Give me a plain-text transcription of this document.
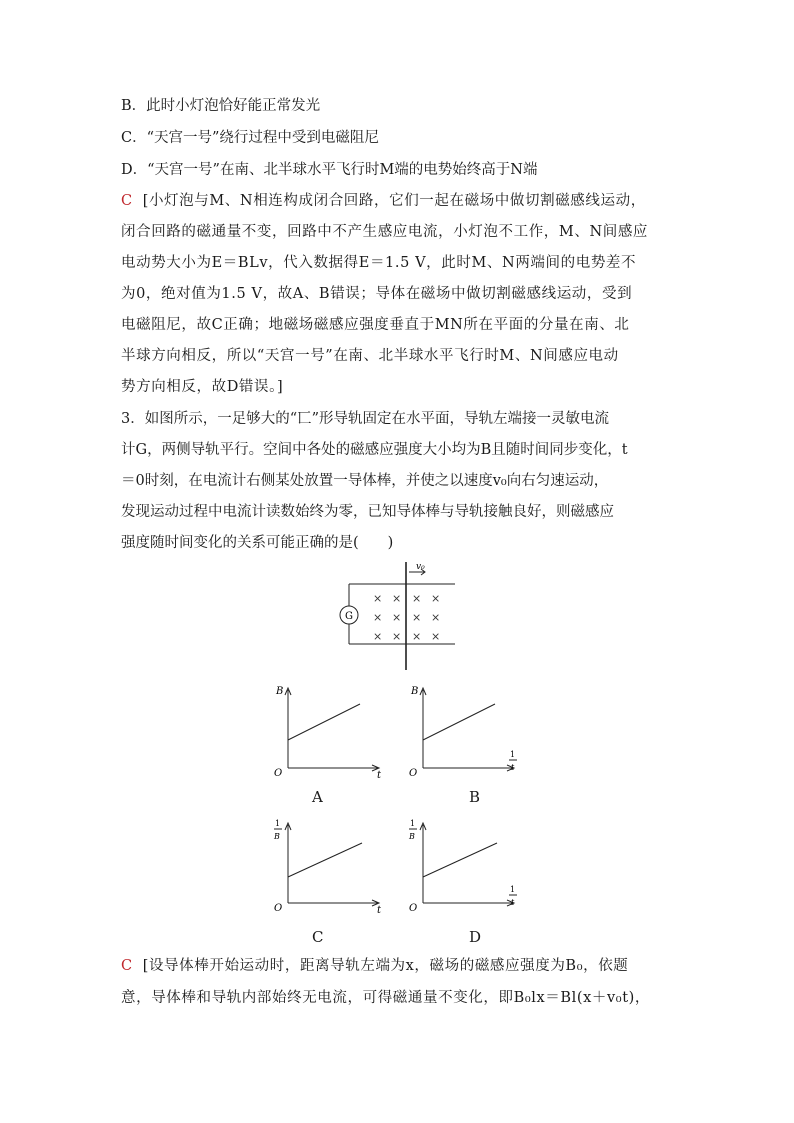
B．此时小灯泡恰好能正常发光
C．“天宫一号”绕行过程中受到电磁阻尼
D．“天宫一号”在南、北半球水平飞行时M端的电势始终高于N端
C [小灯泡与M、N相连构成闭合回路，它们一起在磁场中做切割磁感线运动，
闭合回路的磁通量不变，回路中不产生感应电流，小灯泡不工作，M、N间感应
电动势大小为E＝BLv，代入数据得E＝1.5 V，此时M、N两端间的电势差不
为0，绝对值为1.5 V，故A、B错误；导体在磁场中做切割磁感线运动，受到
电磁阻尼，故C正确；地磁场磁感应强度垂直于MN所在平面的分量在南、北
半球方向相反，所以“天宫一号”在南、北半球水平飞行时M、N间感应电动
势方向相反，故D错误。]
3．如图所示，一足够大的“匸”形导轨固定在水平面，导轨左端接一灵敏电流
计G，两侧导轨平行。空间中各处的磁感应强度大小均为B且随时间同步变化，t
＝0时刻，在电流计右侧某处放置一导体棒，并使之以速度v₀向右匀速运动，
发现运动过程中电流计读数始终为零，已知导体棒与导轨接触良好，则磁感应
强度随时间变化的关系可能正确的是(　　)
G
v₀
× × × ×
× × × ×
× × × ×
B
O	t
A
B
O
1
t
B
1
B
O	t
C
1
B
O
1
t
D
C [设导体棒开始运动时，距离导轨左端为x，磁场的磁感应强度为B₀，依题
意，导体棒和导轨内部始终无电流，可得磁通量不变化，即B₀lx＝Bl(x＋v₀t)，
